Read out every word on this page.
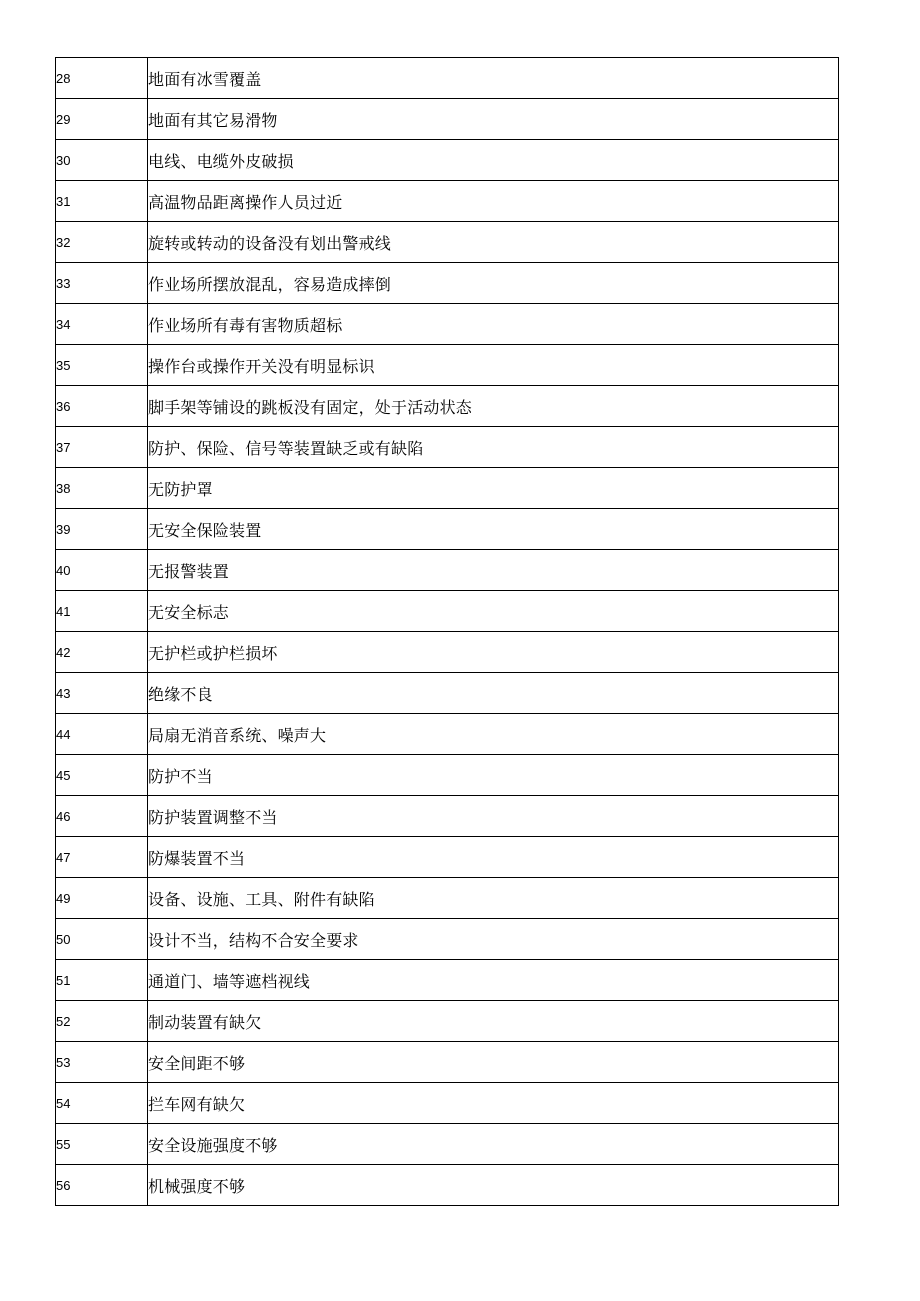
28	地面有冰雪覆盖
29	地面有其它易滑物
30	电线、电缆外皮破损
31	高温物品距离操作人员过近
32	旋转或转动的设备没有划出警戒线
33	作业场所摆放混乱，容易造成摔倒
34	作业场所有毒有害物质超标
35	操作台或操作开关没有明显标识
36	脚手架等铺设的跳板没有固定，处于活动状态
37	防护、保险、信号等装置缺乏或有缺陷
38	无防护罩
39	无安全保险装置
40	无报警装置
41	无安全标志
42	无护栏或护栏损坏
43	绝缘不良
44	局扇无消音系统、噪声大
45	防护不当
46	防护装置调整不当
47	防爆装置不当
49	设备、设施、工具、附件有缺陷
50	设计不当，结构不合安全要求
51	通道门、墙等遮档视线
52	制动装置有缺欠
53	安全间距不够
54	拦车网有缺欠
55	安全设施强度不够
56	机械强度不够
